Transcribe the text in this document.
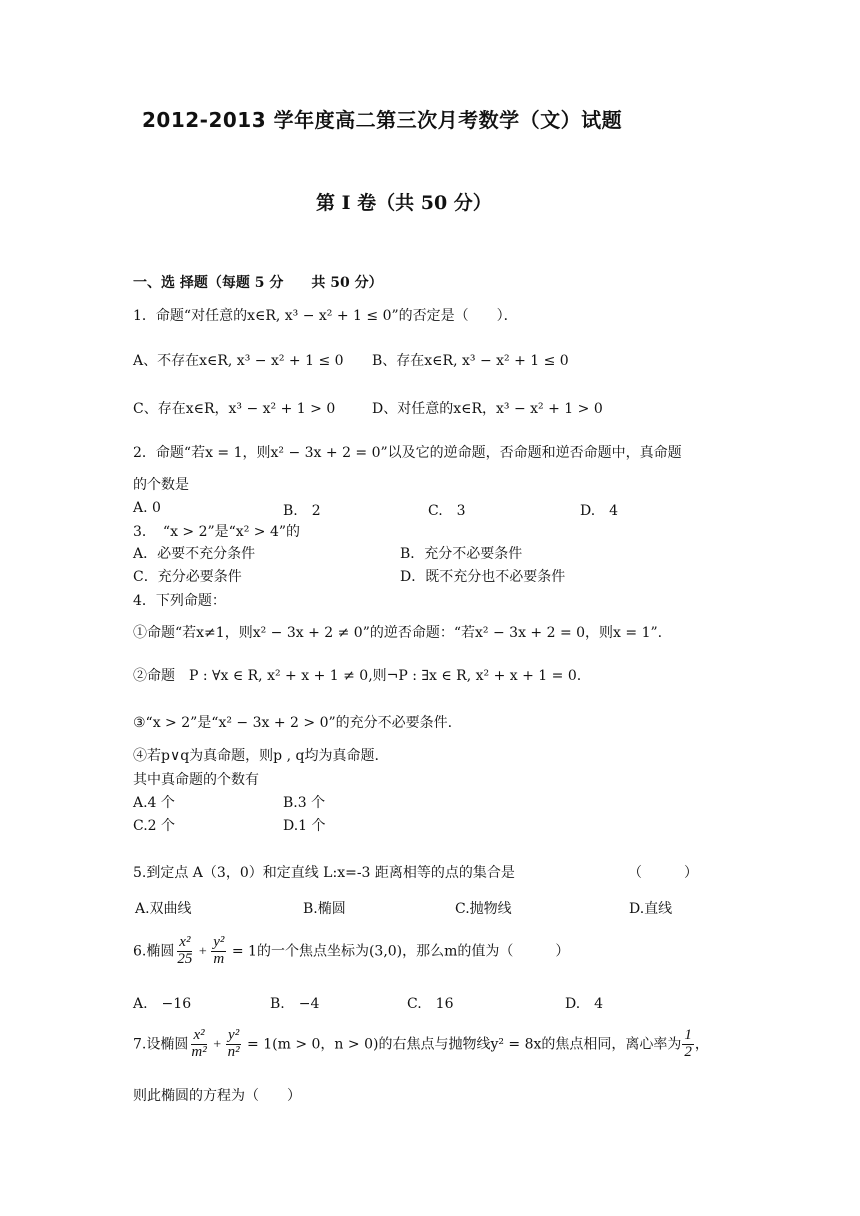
2012-2013 学年度高二第三次月考数学（文）试题
第 I 卷（共 50 分）
一、选 择题（每题 5 分　　共 50 分）
1．命题“对任意的x∈R, x³ − x² + 1 ≤ 0”的否定是（　　）．
A、不存在x∈R, x³ − x² + 1 ≤ 0 B、存在x∈R, x³ − x² + 1 ≤ 0
C、存在x∈R，x³ − x² + 1 > 0	D、对任意的x∈R，x³ − x² + 1 > 0
2．命题“若x = 1，则x² − 3x + 2 = 0”以及它的逆命题，否命题和逆否命题中，真命题
的个数是
A. 0	B.　2	C.　3	D.　4
3．　“x > 2”是“x² > 4”的
A．必要不充分条件	B．充分不必要条件
C．充分必要条件	D．既不充分也不必要条件
4．下列命题：
①命题“若x≠1，则x² − 3x + 2 ≠ 0”的逆否命题：“若x² − 3x + 2 = 0，则x = 1”.
②命题　P : ∀x ∈ R, x² + x + 1 ≠ 0,则¬P : ∃x ∈ R, x² + x + 1 = 0.
③“x > 2”是“x² − 3x + 2 > 0”的充分不必要条件.
④若p∨q为真命题，则p , q均为真命题.
其中真命题的个数有
A.4 个	B.3 个
C.2 个	D.1 个
5.到定点 A（3，0）和定直线 L:x=-3 距离相等的点的集合是	（　　　）
A.双曲线	B.椭圆	C.抛物线	D.直线
6.椭圆 $\frac{\text{x²}}{25} + \frac{\text{y²}}{m} = 1$的一个焦点坐标为(3,0)，那么m的值为（　　　）
A.　−16	B.　−4	C.　16	D.　4
7.设椭圆 $\frac{\text{x²}}{\text{m²}} + \frac{\text{y²}}{\text{n²}} = 1(m > 0$，n > 0)的右焦点与抛物线y² = 8x的焦点相同，离心率为 $\frac{1}{2}$ ，
则此椭圆的方程为（　　）
